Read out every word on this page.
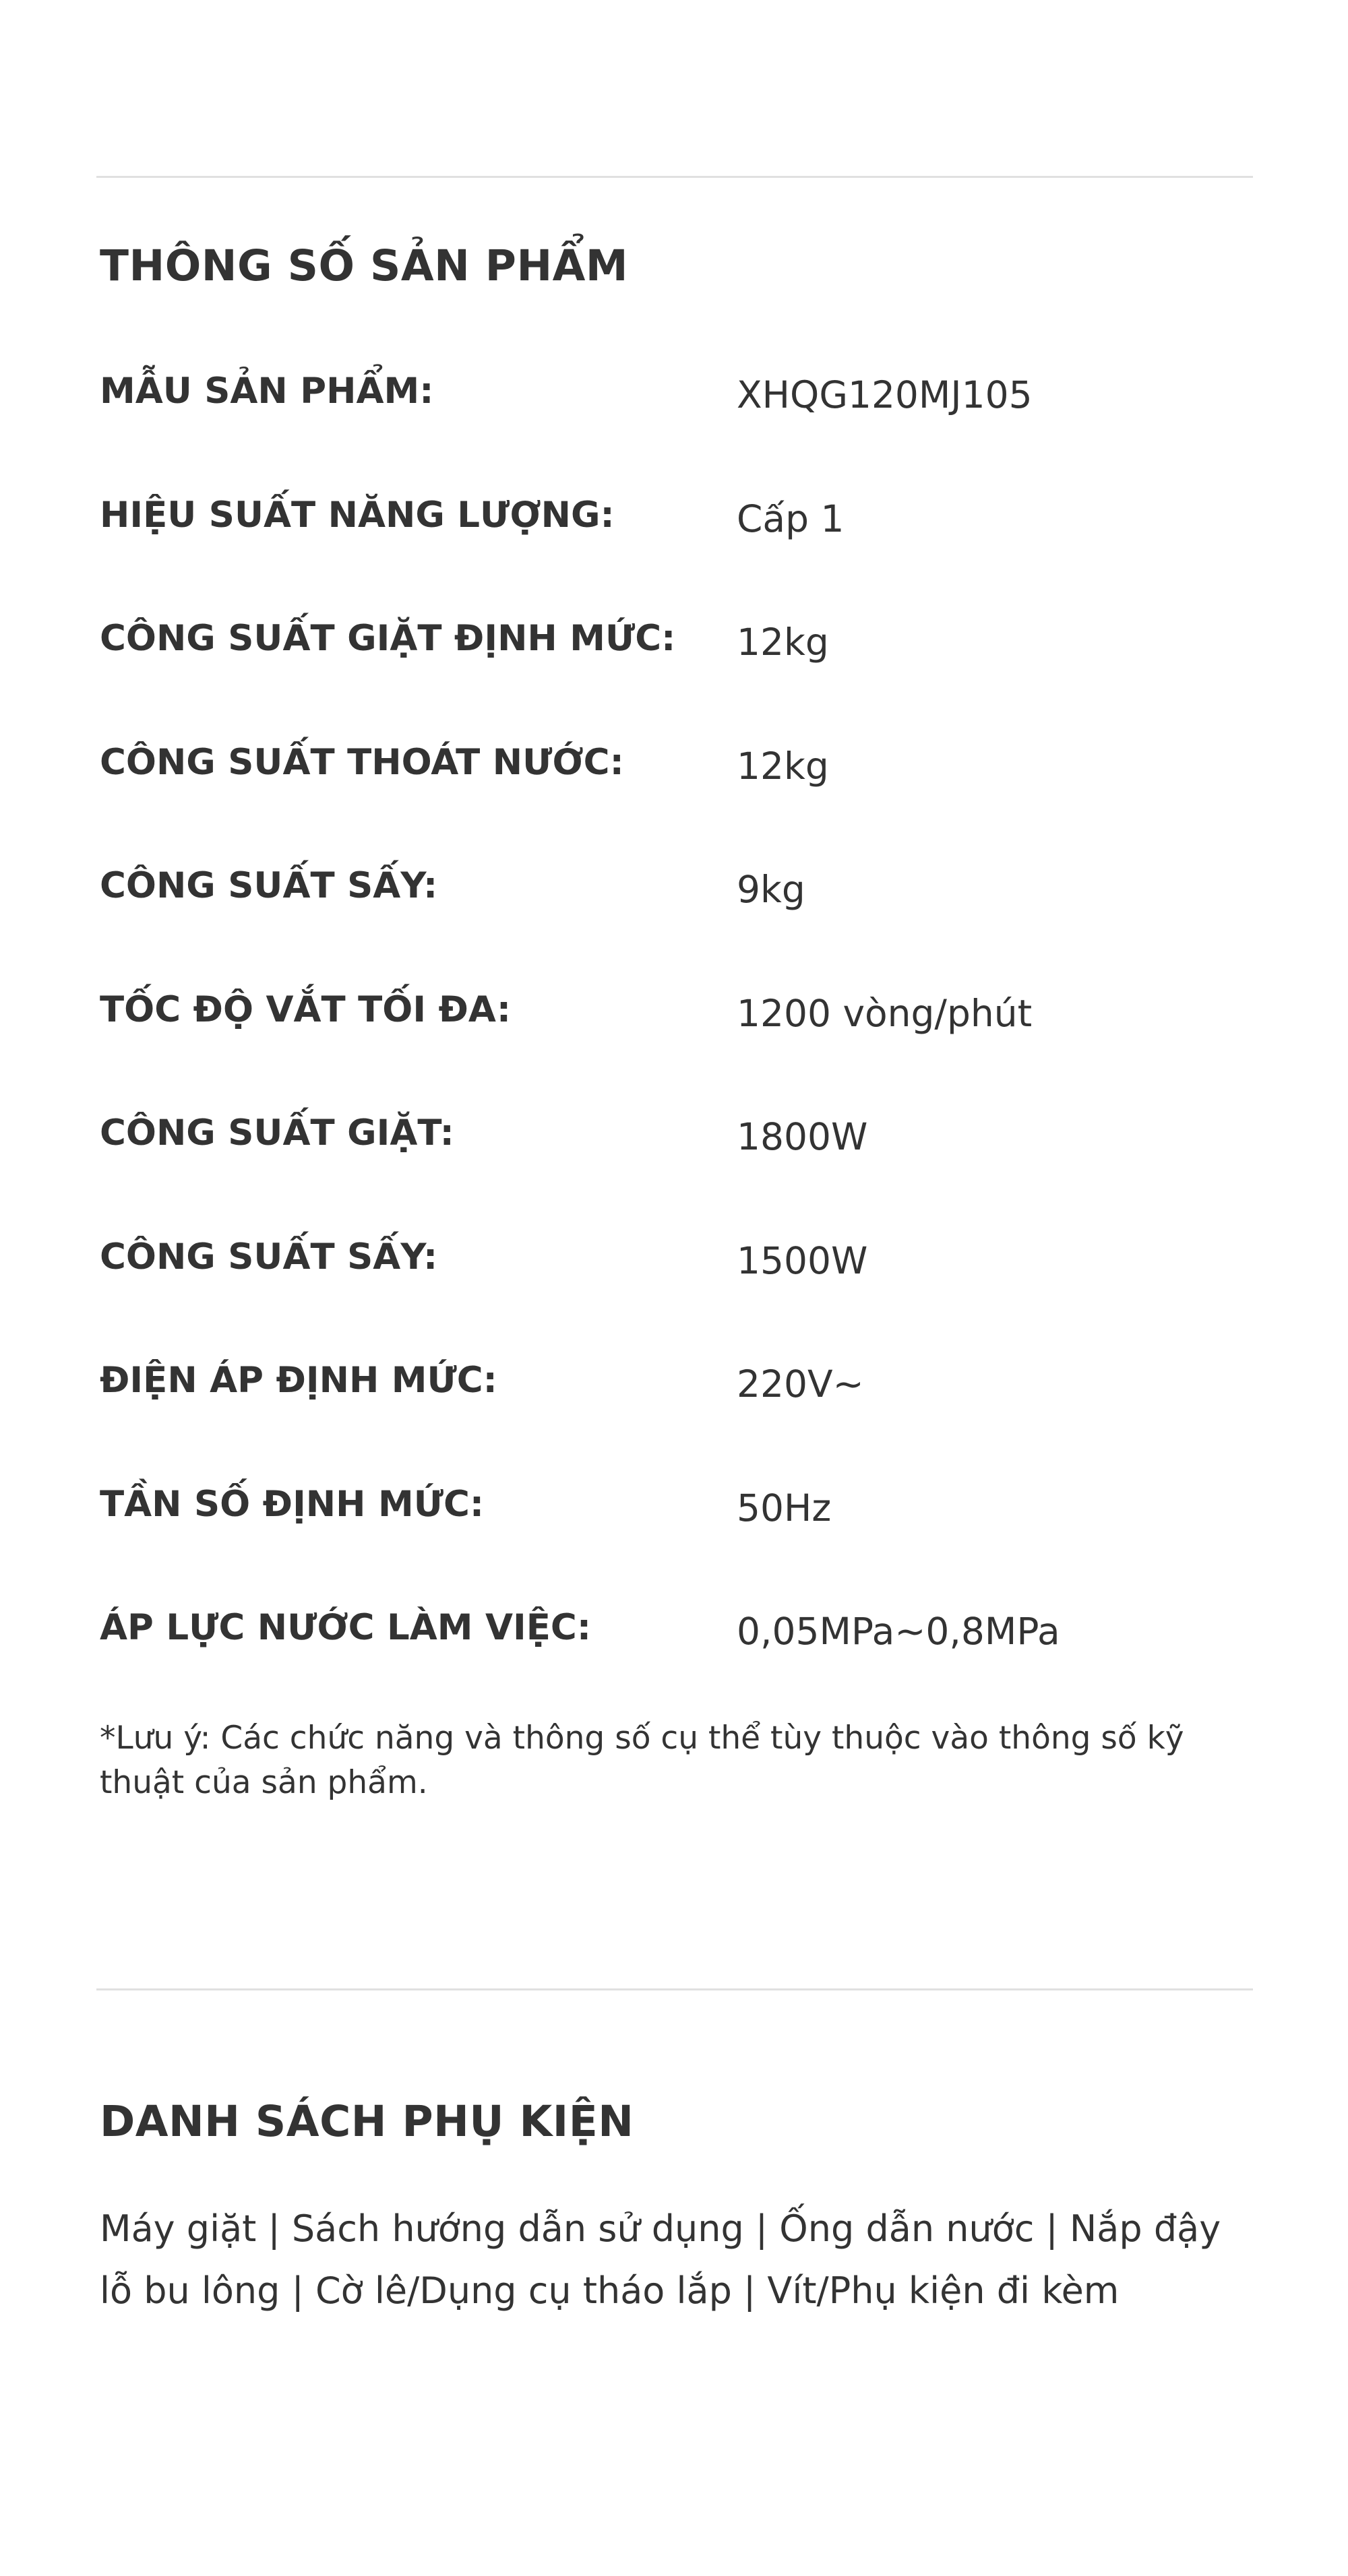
THÔNG SỐ SẢN PHẨM
MẪU SẢN PHẨM:	XHQG120MJ105
HIỆU SUẤT NĂNG LƯỢNG:	Cấp 1
CÔNG SUẤT GIẶT ĐỊNH MỨC: 12kg
CÔNG SUẤT THOÁT NƯỚC:	12kg
CÔNG SUẤT SẤY:	9kg
TỐC ĐỘ VẮT TỐI ĐA:	1200 vòng/phút
CÔNG SUẤT GIẶT:	1800W
CÔNG SUẤT SẤY:	1500W
ĐIỆN ÁP ĐỊNH MỨC:	220V~
TẦN SỐ ĐỊNH MỨC:	50Hz
ÁP LỰC NƯỚC LÀM VIỆC:	0,05MPa~0,8MPa

*Lưu ý: Các chức năng và thông số cụ thể tùy thuộc vào thông số kỹ thuật của sản phẩm.

DANH SÁCH PHỤ KIỆN

Máy giặt | Sách hướng dẫn sử dụng | Ống dẫn nước | Nắp đậy lỗ bu lông | Cờ lê/Dụng cụ tháo lắp | Vít/Phụ kiện đi kèm
